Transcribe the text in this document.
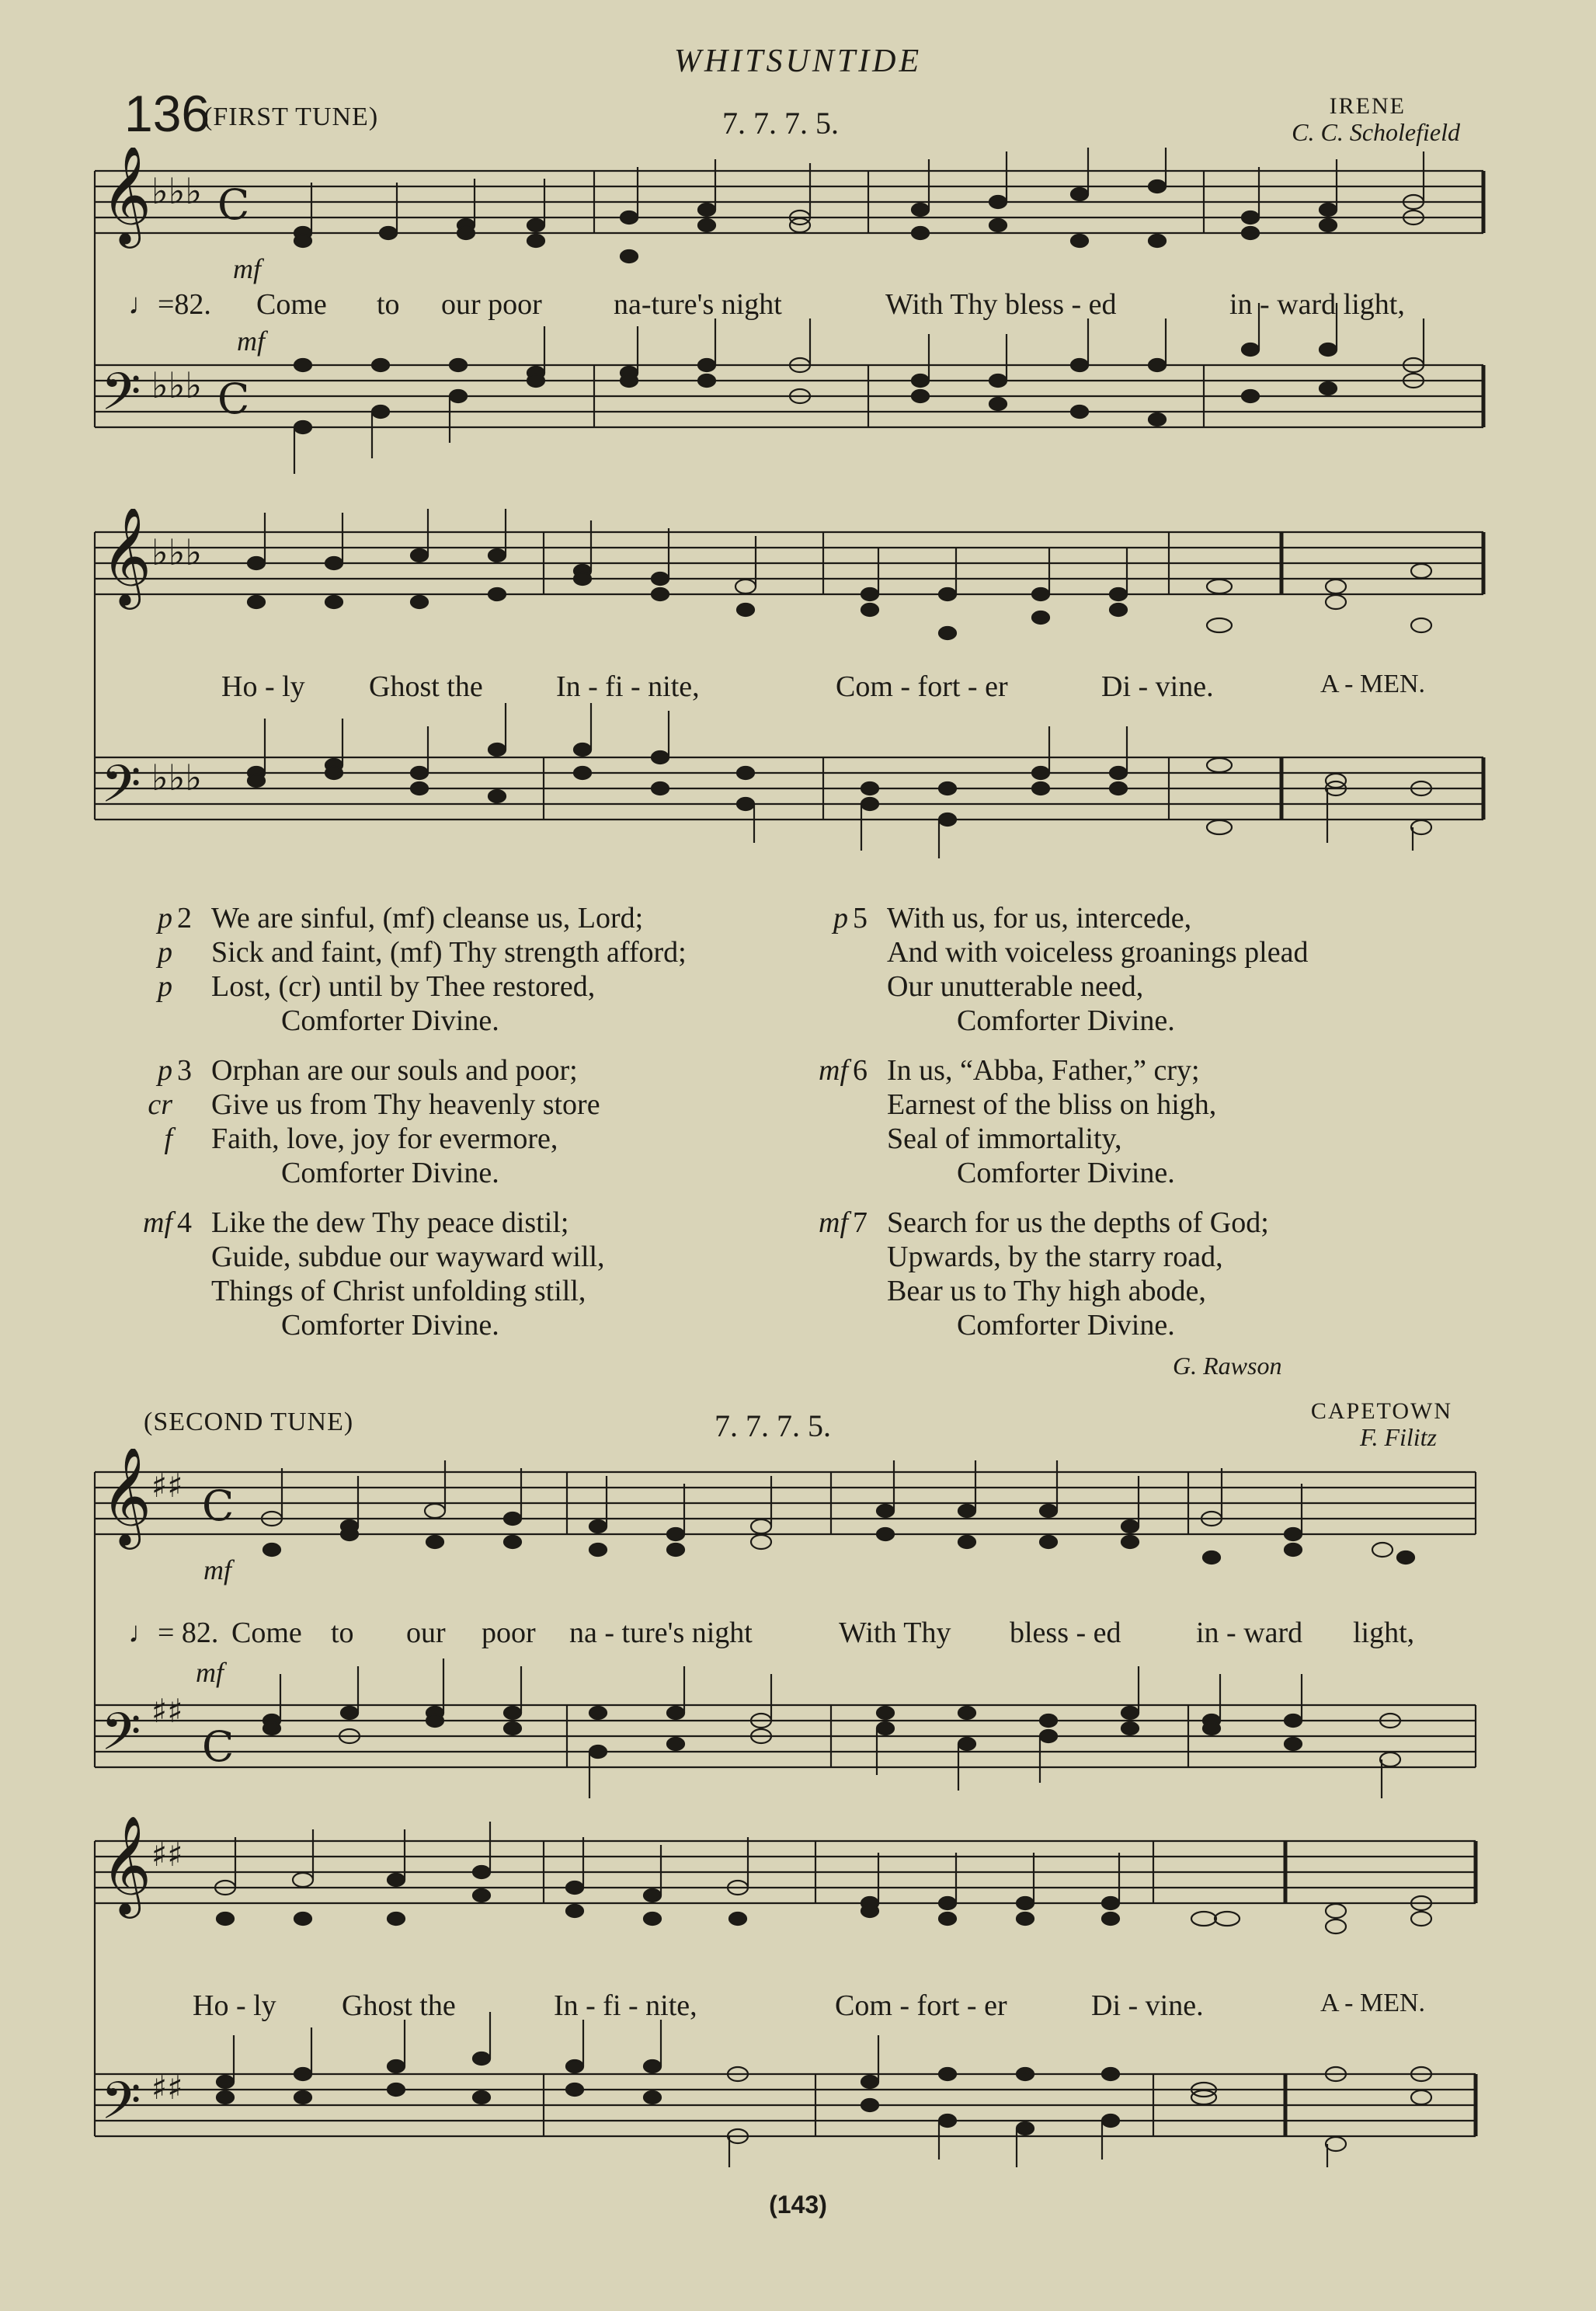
WHITSUNTIDE
136
(FIRST TUNE)	7. 7. 7. 5.	IRENE
C. C. Scholefield
𝄞
𝄢
♭♭♭
♭♭♭
C
C
mf
mf
♩=82. Come to our poor na-ture's night	With Thy bless - ed	in - ward light,
𝄞
𝄢
♭♭♭
♭♭♭
Ho - ly Ghost the In - fi - nite,	Com - fort - er	Di - vine.	A - MEN.
p 2 We are sinful, (mf) cleanse us, Lord;
p Sick and faint, (mf) Thy strength afford;
p Lost, (cr) until by Thee restored,
Comforter Divine.
p 3 Orphan are our souls and poor;
cr Give us from Thy heavenly store
f Faith, love, joy for evermore,
Comforter Divine.
mf 4 Like the dew Thy peace distil;
Guide, subdue our wayward will,
Things of Christ unfolding still,
Comforter Divine.
p 5 With us, for us, intercede,
And with voiceless groanings plead
Our unutterable need,
Comforter Divine.
mf 6 In us, “Abba, Father,” cry;
Earnest of the bliss on high,
Seal of immortality,
Comforter Divine.
mf 7 Search for us the depths of God;
Upwards, by the starry road,
Bear us to Thy high abode,
Comforter Divine.
G. Rawson
(SECOND TUNE)	7. 7. 7. 5.	CAPETOWN
F. Filitz
𝄞
𝄢
♯♯
♯♯
C
C
mf
mf
♩= 82. Come to our poor na - ture's night	With Thy bless - ed	in - ward light,
𝄞
𝄢
♯♯
♯♯
Ho - ly Ghost the	In - fi - nite,	Com - fort - er	Di - vine.	A - MEN.
(143)
